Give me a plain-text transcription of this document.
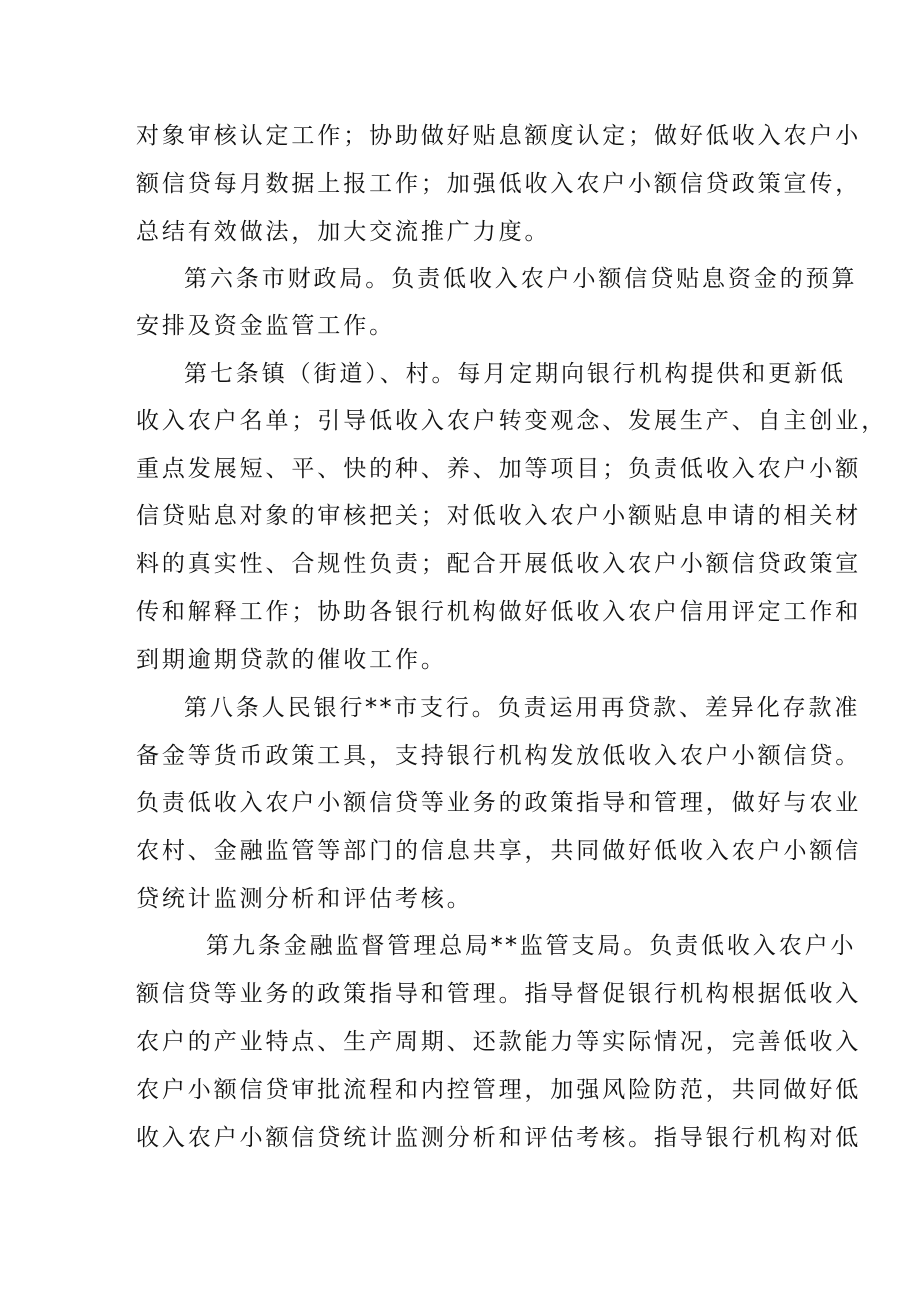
对象审核认定工作；协助做好贴息额度认定；做好低收入农户小
额信贷每月数据上报工作；加强低收入农户小额信贷政策宣传，
总结有效做法，加大交流推广力度。
第六条市财政局。负责低收入农户小额信贷贴息资金的预算
安排及资金监管工作。
第七条镇（街道）、村。每月定期向银行机构提供和更新低
收入农户名单；引导低收入农户转变观念、发展生产、自主创业，
重点发展短、平、快的种、养、加等项目；负责低收入农户小额
信贷贴息对象的审核把关；对低收入农户小额贴息申请的相关材
料的真实性、合规性负责；配合开展低收入农户小额信贷政策宣
传和解释工作；协助各银行机构做好低收入农户信用评定工作和
到期逾期贷款的催收工作。
第八条人民银行**市支行。负责运用再贷款、差异化存款准
备金等货币政策工具，支持银行机构发放低收入农户小额信贷。
负责低收入农户小额信贷等业务的政策指导和管理，做好与农业
农村、金融监管等部门的信息共享，共同做好低收入农户小额信
贷统计监测分析和评估考核。
第九条金融监督管理总局**监管支局。负责低收入农户小
额信贷等业务的政策指导和管理。指导督促银行机构根据低收入
农户的产业特点、生产周期、还款能力等实际情况，完善低收入
农户小额信贷审批流程和内控管理，加强风险防范，共同做好低
收入农户小额信贷统计监测分析和评估考核。指导银行机构对低
